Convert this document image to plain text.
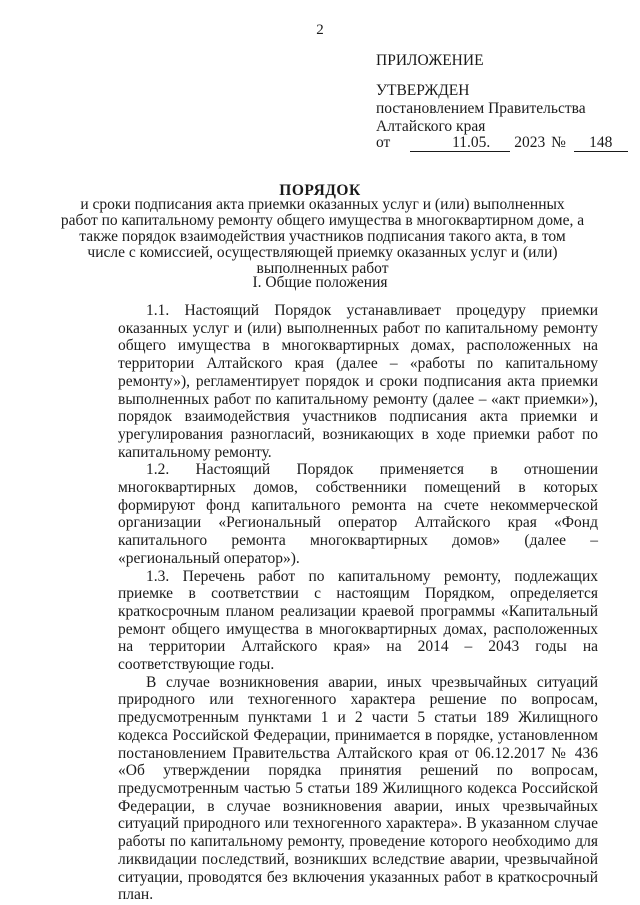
2
ПРИЛОЖЕНИЕ
УТВЕРЖДЕН
постановлением Правительства
Алтайского края
от	11.05. 2023 № 148
ПОРЯДОК
и сроки подписания акта приемки оказанных услуг и (или) выполненных работ по капитальному ремонту общего имущества в многоквартирном доме, а также порядок взаимодействия участников подписания такого акта, в том числе с комиссией, осуществляющей приемку оказанных услуг и (или) выполненных работ
I. Общие положения

1.1. Настоящий Порядок устанавливает процедуру приемки оказанных услуг и (или) выполненных работ по капитальному ремонту общего имущества в многоквартирных домах, расположенных на территории Алтайского края (далее – «работы по капитальному ремонту»), регламентирует порядок и сроки подписания акта приемки выполненных работ по капитальному ремонту (далее – «акт приемки»), порядок взаимодействия участников подписания акта приемки и урегулирования разногласий, возникающих в ходе приемки работ по капитальному ремонту.

1.2. Настоящий Порядок применяется в отношении многоквартирных домов, собственники помещений в которых формируют фонд капитального ремонта на счете некоммерческой организации «Региональный оператор Алтайского края «Фонд капитального ремонта многоквартирных домов» (далее – «региональный оператор»).

1.3. Перечень работ по капитальному ремонту, подлежащих приемке в соответствии с настоящим Порядком, определяется краткосрочным планом реализации краевой программы «Капитальный ремонт общего имущества в многоквартирных домах, расположенных на территории Алтайского края» на 2014 – 2043 годы на соответствующие годы.

В случае возникновения аварии, иных чрезвычайных ситуаций природного или техногенного характера решение по вопросам, предусмотренным пунктами 1 и 2 части 5 статьи 189 Жилищного кодекса Российской Федерации, принимается в порядке, установленном постановлением Правительства Алтайского края от 06.12.2017 № 436 «Об утверждении порядка принятия решений по вопросам, предусмотренным частью 5 статьи 189 Жилищного кодекса Российской Федерации, в случае возникновения аварии, иных чрезвычайных ситуаций природного или техногенного характера». В указанном случае работы по капитальному ремонту, проведение которого необходимо для ликвидации последствий, возникших вследствие аварии, чрезвычайной ситуации, проводятся без включения указанных работ в краткосрочный план.
